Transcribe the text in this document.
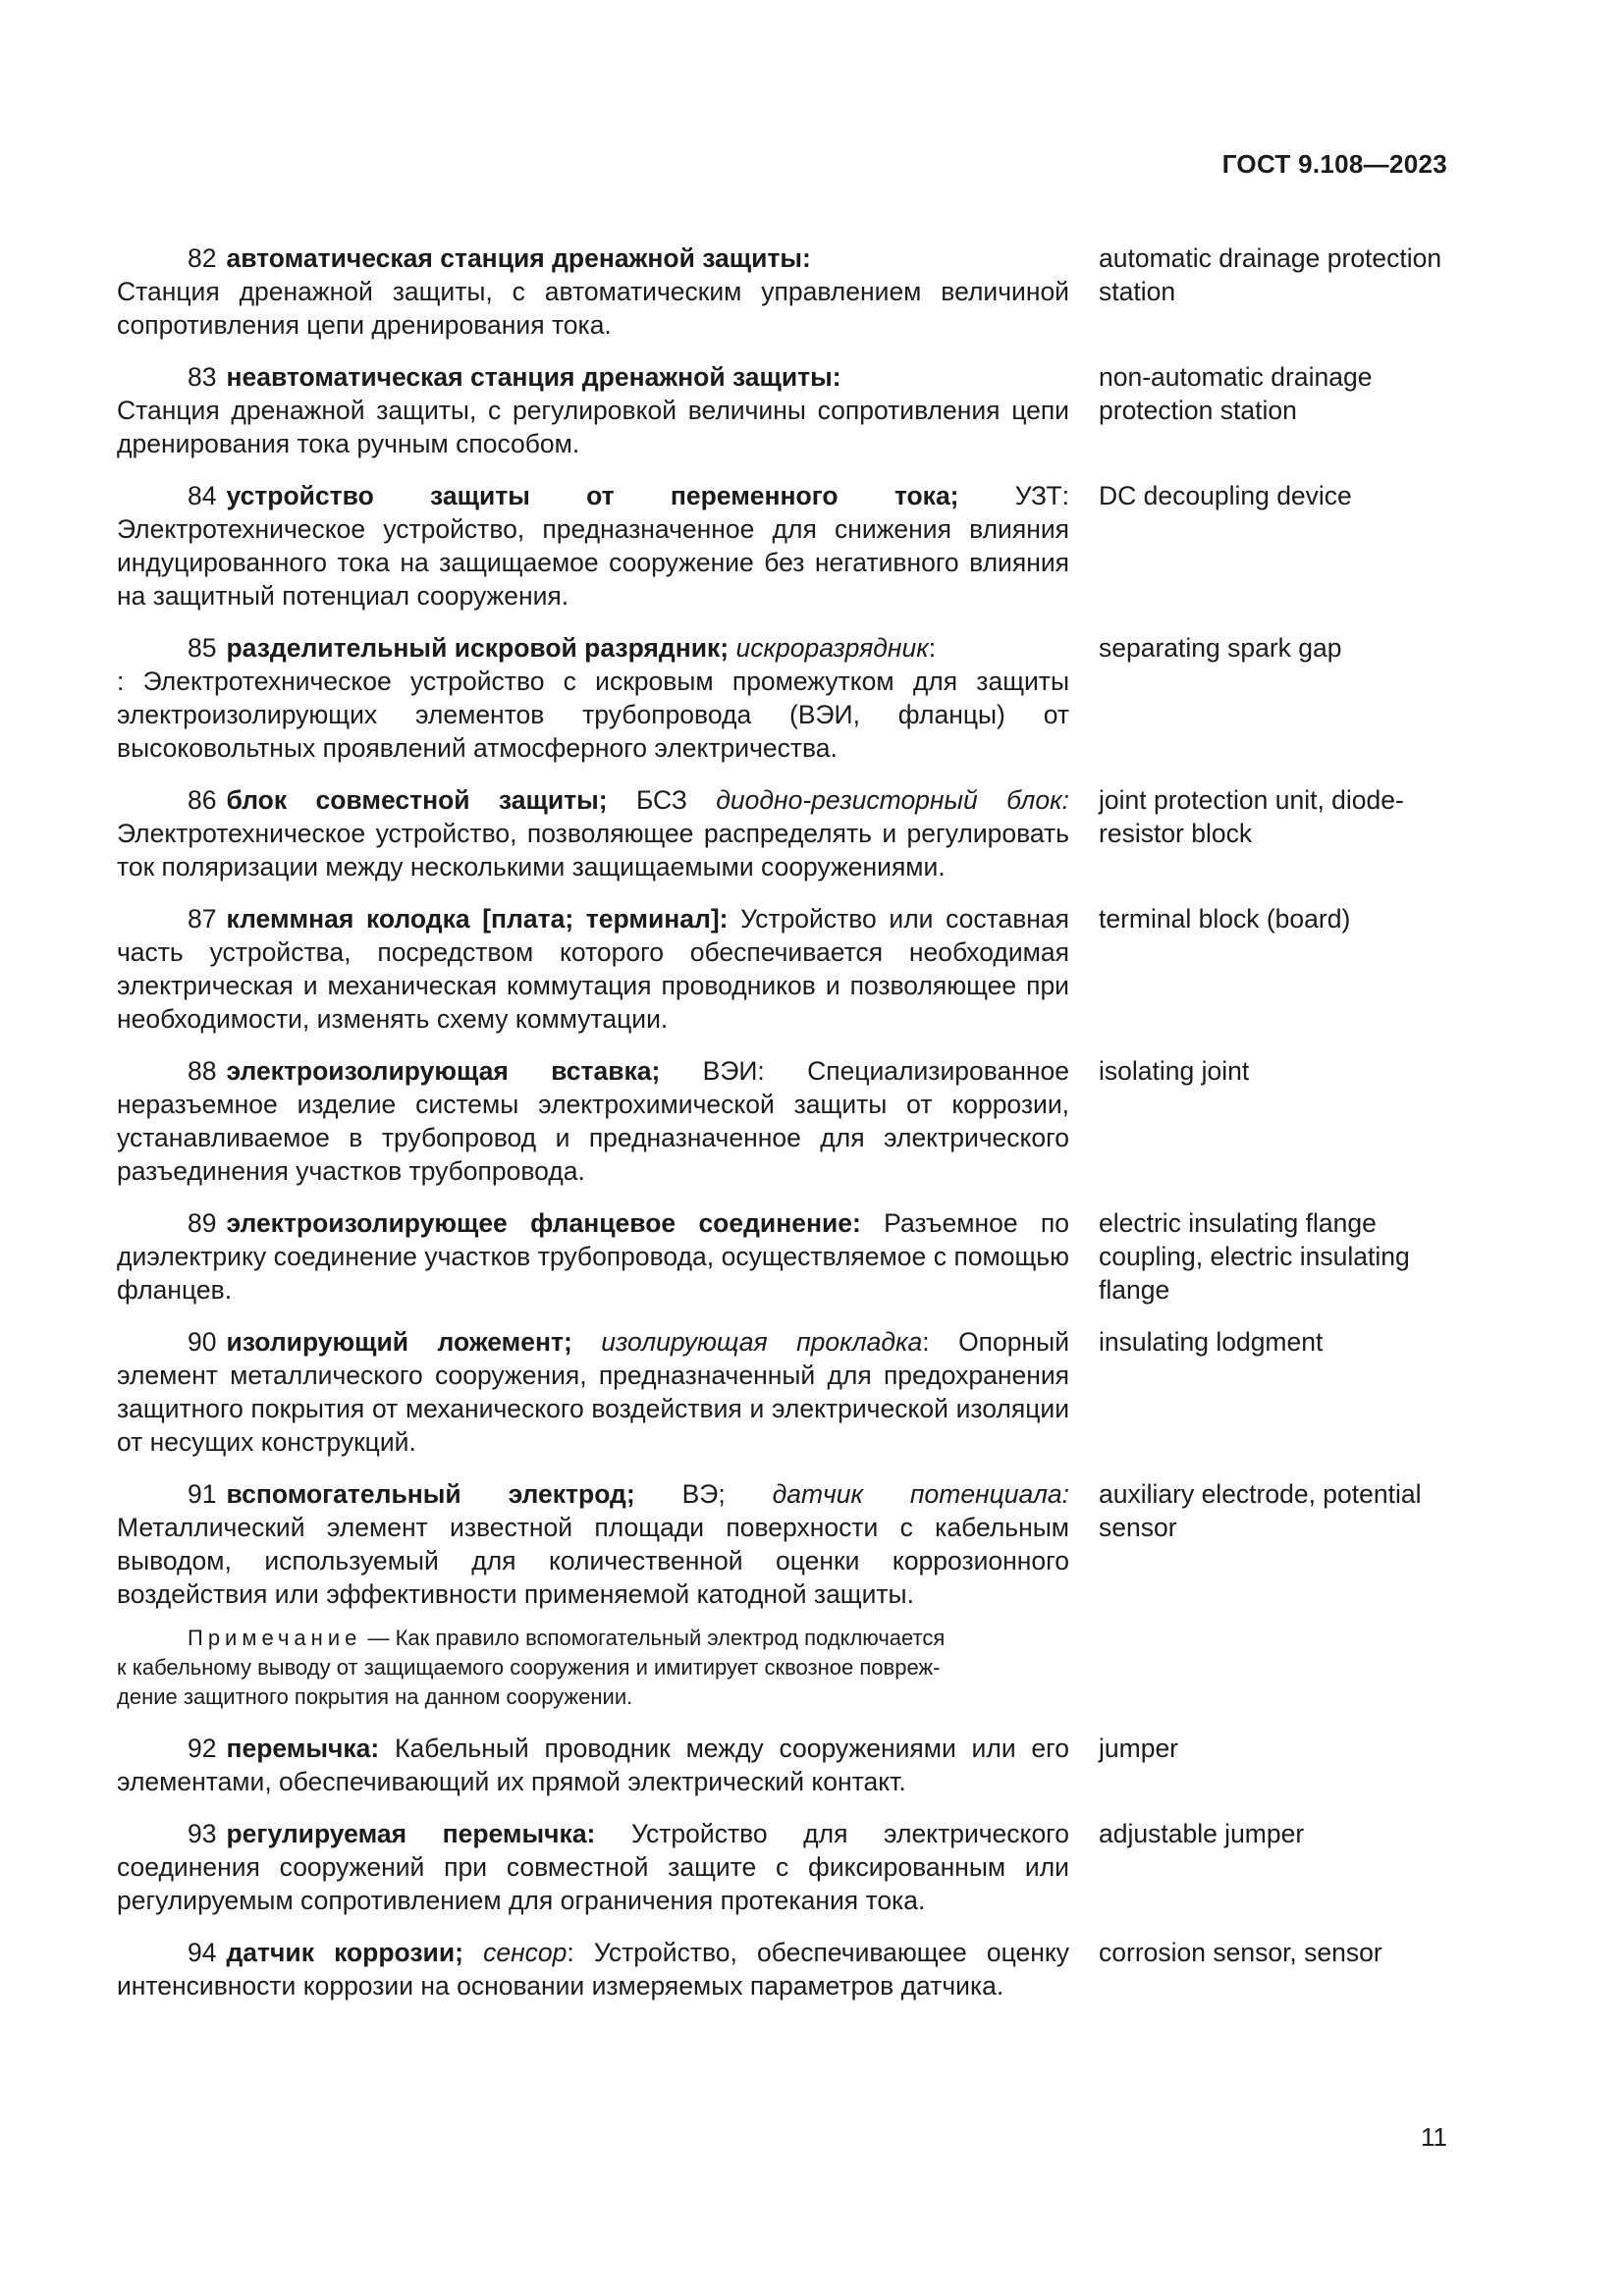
ГОСТ 9.108—2023
82 автоматическая станция дренажной защиты:
Станция дренажной защиты, с автоматическим управлением величиной сопротивления цепи дренирования тока.
automatic drainage protection station
83 неавтоматическая станция дренажной защиты:
Станция дренажной защиты, с регулировкой величины сопротивления цепи дренирования тока ручным способом.
non-automatic drainage protection station
84 устройство защиты от переменного тока; УЗТ: Электротехническое устройство, предназначенное для снижения влияния индуцированного тока на защищаемое сооружение без негативного влияния на защитный потенциал сооружения.
DC decoupling device
85 разделительный искровой разрядник; искроразрядник:
: Электротехническое устройство с искровым промежутком для защиты электроизолирующих элементов трубопровода (ВЭИ, фланцы) от высоковольтных проявлений атмосферного электричества.
separating spark gap
86 блок совместной защиты; БСЗ диодно-резисторный блок: Электротехническое устройство, позволяющее распределять и регулировать ток поляризации между несколькими защищаемыми сооружениями.
joint protection unit, diode-resistor block
87 клеммная колодка [плата; терминал]: Устройство или составная часть устройства, посредством которого обеспечивается необходимая электрическая и механическая коммутация проводников и позволяющее при необходимости, изменять схему коммутации.
terminal block (board)
88 электроизолирующая вставка; ВЭИ: Специализированное неразъемное изделие системы электрохимической защиты от коррозии, устанавливаемое в трубопровод и предназначенное для электрического разъединения участков трубопровода.
isolating joint
89 электроизолирующее фланцевое соединение: Разъемное по диэлектрику соединение участков трубопровода, осуществляемое с помощью фланцев.
electric insulating flange coupling, electric insulating flange
90 изолирующий ложемент; изолирующая прокладка: Опорный элемент металлического сооружения, предназначенный для предохранения защитного покрытия от механического воздействия и электрической изоляции от несущих конструкций.
insulating lodgment
91 вспомогательный электрод; ВЭ; датчик потенциала: Металлический элемент известной площади поверхности с кабельным выводом, используемый для количественной оценки коррозионного воздействия или эффективности применяемой катодной защиты.
auxiliary electrode, potential sensor
Примечание — Как правило вспомогательный электрод подключается
к кабельному выводу от защищаемого сооружения и имитирует сквозное повреж-
дение защитного покрытия на данном сооружении.
92 перемычка: Кабельный проводник между сооружениями или его элементами, обеспечивающий их прямой электрический контакт.
jumper
93 регулируемая перемычка: Устройство для электрического соединения сооружений при совместной защите с фиксированным или регулируемым сопротивлением для ограничения протекания тока.
adjustable jumper
94 датчик коррозии; сенсор: Устройство, обеспечивающее оценку интенсивности коррозии на основании измеряемых параметров датчика.
corrosion sensor, sensor
11
